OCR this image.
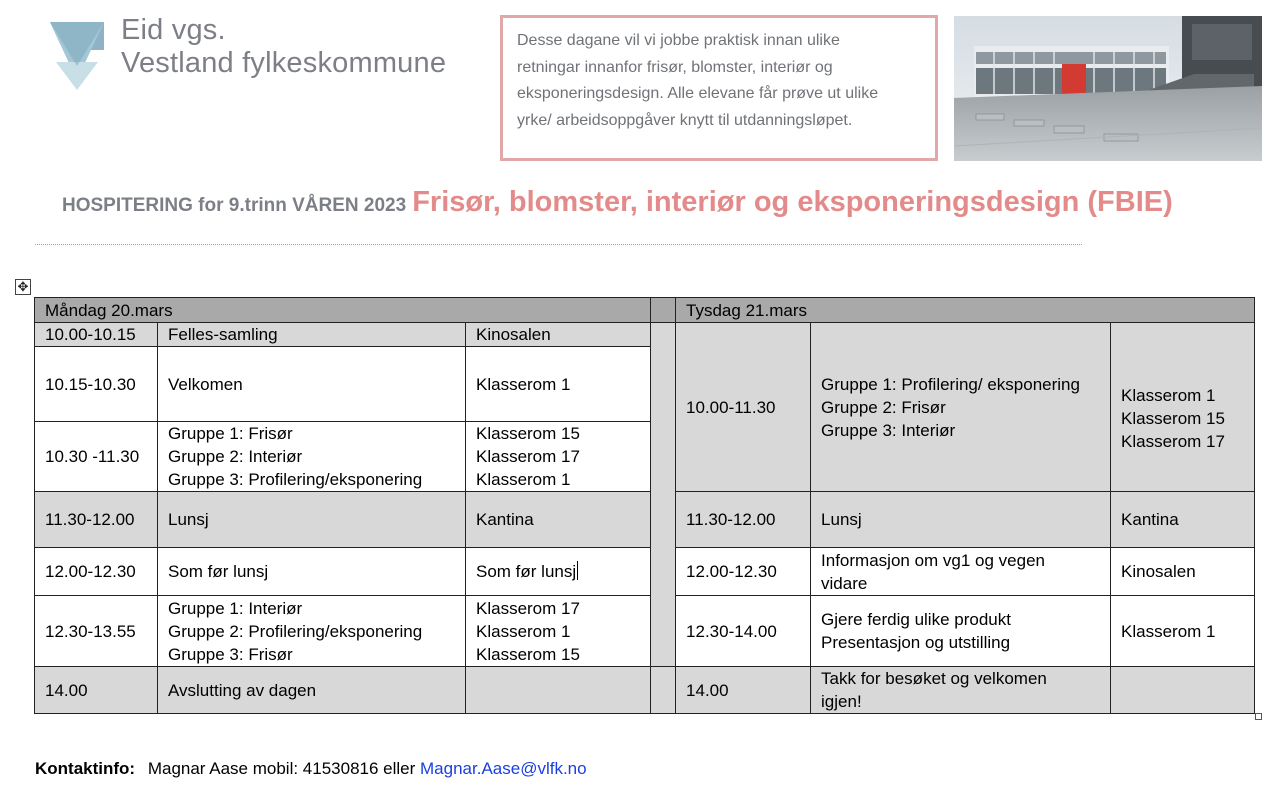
Eid vgs.
Vestland fylkeskommune
Desse dagane vil vi jobbe praktisk innan ulike
retningar innanfor frisør, blomster, interiør og
eksponeringsdesign. Alle elevane får prøve ut ulike
yrke/ arbeidsoppgåver knytt til utdanningsløpet.
HOSPITERING for 9.trinn VÅREN 2023 Frisør, blomster, interiør og eksponeringsdesign (FBIE)
✥
Måndag 20.mars				Tysdag 21.mars		
10.00-10.15	Felles-samling	Kinosalen		10.00-11.30	Gruppe 1: Profilering/ eksponering
Gruppe 2: Frisør
Gruppe 3: Interiør	Klasserom 1
Klasserom 15
Klasserom 17

10.15-10.30	Velkomen	Klasserom 1				

10.30 -11.30	Gruppe 1: Frisør
Gruppe 2: Interiør
Gruppe 3: Profilering/eksponering	Klasserom 15
Klasserom 17
Klasserom 1				

11.30-12.00	Lunsj	Kantina		11.30-12.00	Lunsj	Kantina

12.00-12.30	Som før lunsj	Som før lunsj		12.00-12.30	Informasjon om vg1 og vegen
vidare	Kinosalen

12.30-13.55	Gruppe 1: Interiør
Gruppe 2: Profilering/eksponering
Gruppe 3: Frisør	Klasserom 17
Klasserom 1
Klasserom 15		12.30-14.00	Gjere ferdig ulike produkt
Presentasjon og utstilling	Klasserom 1

14.00	Avslutting av dagen			14.00	Takk for besøket og velkomen
igjen!	

Kontaktinfo: Magnar Aase mobil: 41530816 eller Magnar.Aase@vlfk.no
